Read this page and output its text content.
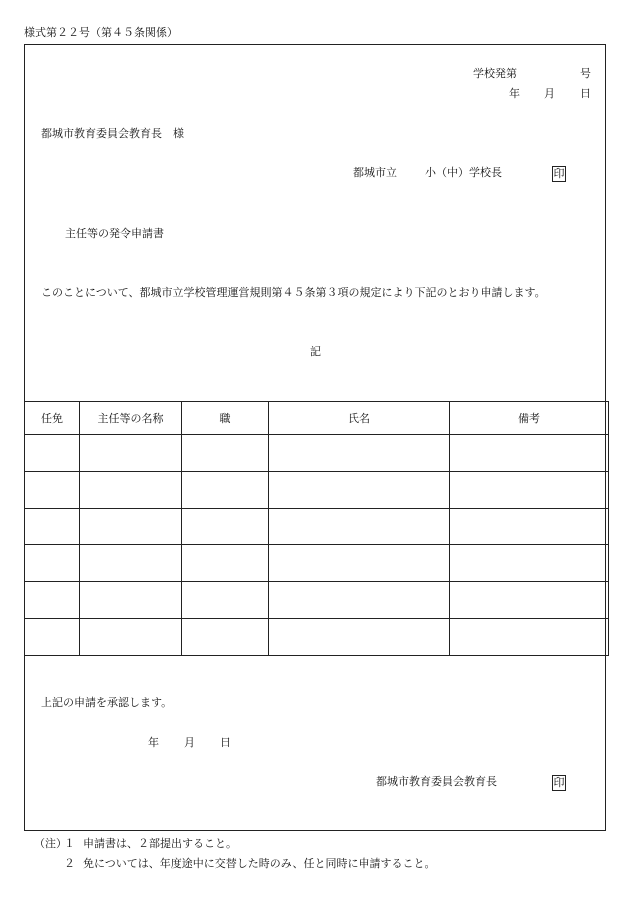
様式第２２号（第４５条関係）
学校発第	号
年 月 日
都城市教育委員会教育長　様
都城市立	小（中）学校長	印
主任等の発令申請書
このことについて、都城市立学校管理運営規則第４５条第３項の規定により下記のとおり申請します。
記
任免	主任等の名称	職	氏名	備考

上記の申請を承認します。
年 月 日
都城市教育委員会教育長	印
（注）
１ 申請書は、２部提出すること。
２ 免については、年度途中に交替した時のみ、任と同時に申請すること。
